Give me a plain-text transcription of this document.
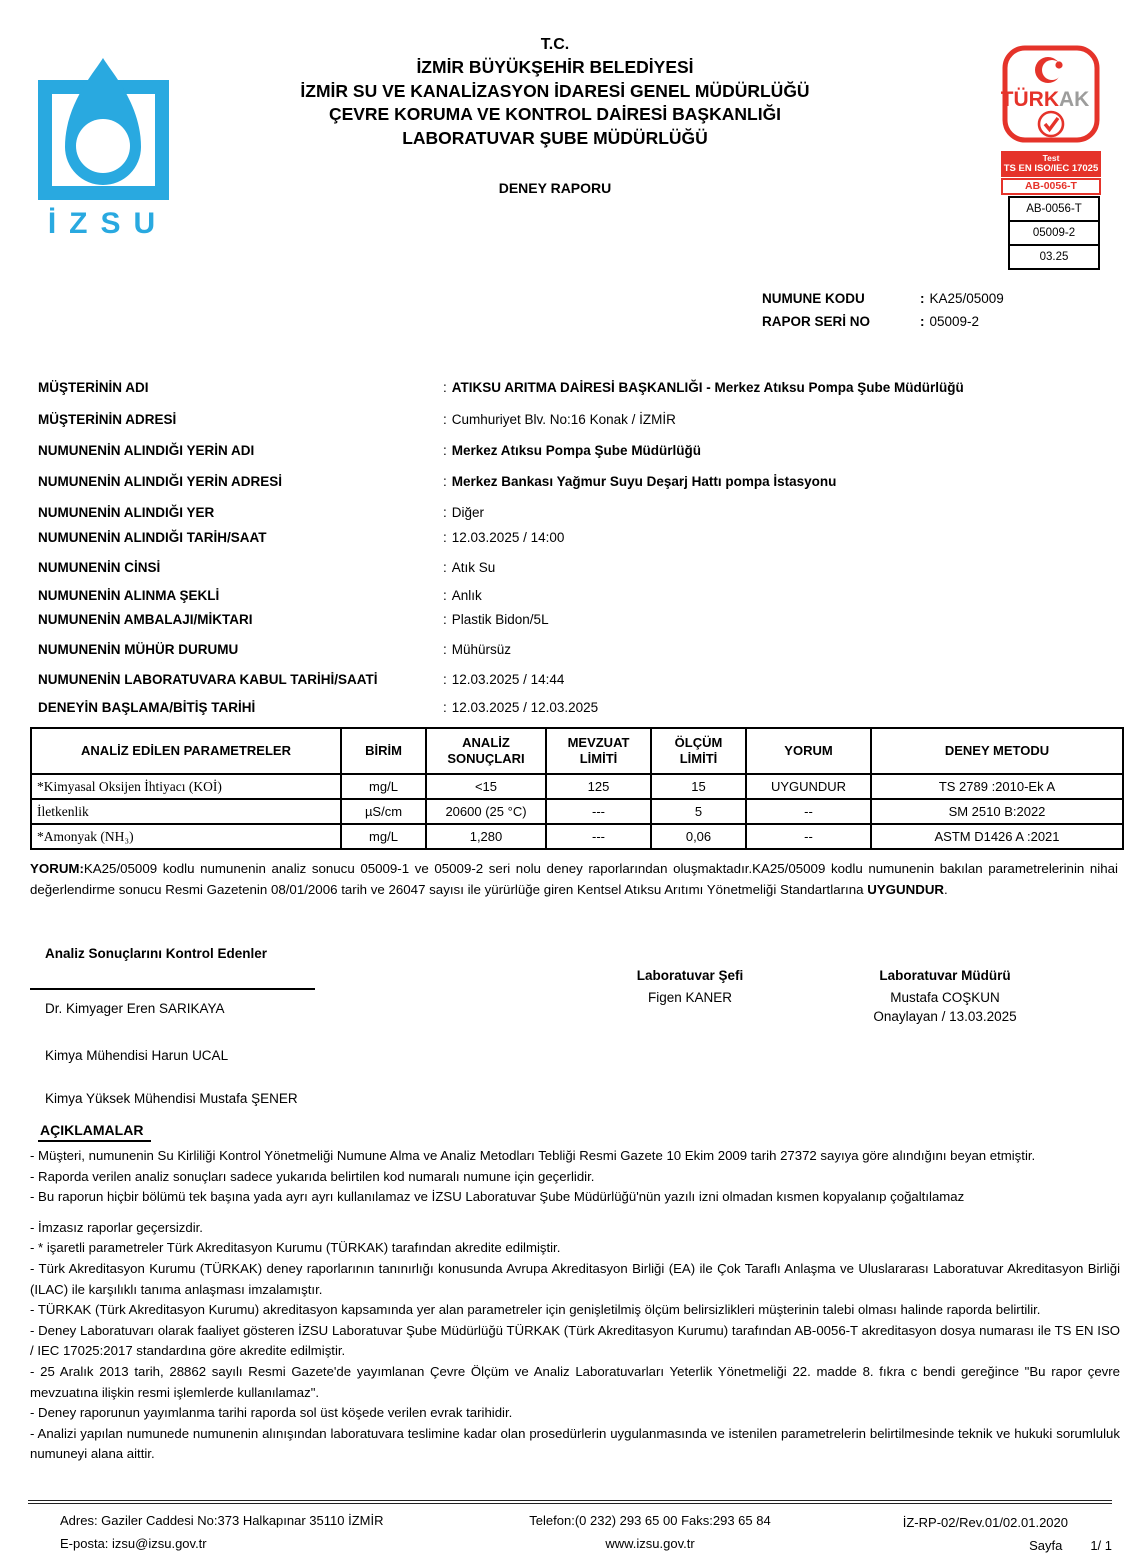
İZSU
T.C.
İZMİR BÜYÜKŞEHİR BELEDİYESİ
İZMİR SU VE KANALİZASYON İDARESİ GENEL MÜDÜRLÜĞÜ
ÇEVRE KORUMA VE KONTROL DAİRESİ BAŞKANLIĞI
LABORATUVAR ŞUBE MÜDÜRLÜĞÜ
DENEY RAPORU
TÜRK AK
Test
TS EN ISO/IEC 17025
AB-0056-T
AB-0056-T
05009-2
03.25
NUMUNE KODU	: KA25/05009
RAPOR SERİ NO	: 05009-2
MÜŞTERİNİN ADI	: ATIKSU ARITMA DAİRESİ BAŞKANLIĞI - Merkez Atıksu Pompa Şube Müdürlüğü
MÜŞTERİNİN ADRESİ	: Cumhuriyet Blv. No:16 Konak / İZMİR
NUMUNENİN ALINDIĞI YERİN ADI	: Merkez Atıksu Pompa Şube Müdürlüğü
NUMUNENİN ALINDIĞI YERİN ADRESİ	: Merkez Bankası Yağmur Suyu Deşarj Hattı pompa İstasyonu
NUMUNENİN ALINDIĞI YER	: Diğer
NUMUNENİN ALINDIĞI TARİH/SAAT	: 12.03.2025 / 14:00
NUMUNENİN CİNSİ	: Atık Su
NUMUNENİN ALINMA ŞEKLİ	: Anlık
NUMUNENİN AMBALAJI/MİKTARI	: Plastik Bidon/5L
NUMUNENİN MÜHÜR DURUMU	: Mühürsüz
NUMUNENİN LABORATUVARA KABUL TARİHİ/SAATİ	: 12.03.2025 / 14:44
DENEYİN BAŞLAMA/BİTİŞ TARİHİ	: 12.03.2025 / 12.03.2025
ANALİZ EDİLEN PARAMETRELER	BİRİM	ANALİZ SONUÇLARI	MEVZUAT LİMİTİ	ÖLÇÜM LİMİTİ	YORUM	DENEY METODU
*Kimyasal Oksijen İhtiyacı (KOİ)	mg/L	<15	125	15	UYGUNDUR	TS 2789 :2010-Ek A
İletkenlik	µS/cm	20600 (25 °C)	---	5	--	SM 2510 B:2022
*Amonyak (NH₃)	mg/L	1,280	---	0,06	--	ASTM D1426 A :2021
YORUM:KA25/05009 kodlu numunenin analiz sonucu 05009-1 ve 05009-2 seri nolu deney raporlarından oluşmaktadır.KA25/05009 kodlu numunenin bakılan parametrelerinin nihai değerlendirme sonucu Resmi Gazetenin 08/01/2006 tarih ve 26047 sayısı ile yürürlüğe giren Kentsel Atıksu Arıtımı Yönetmeliği Standartlarına UYGUNDUR.
Analiz Sonuçlarını Kontrol Edenler
Dr. Kimyager Eren SARIKAYA
Kimya Mühendisi Harun UCAL
Kimya Yüksek Mühendisi Mustafa ŞENER
Laboratuvar Şefi
Figen KANER
Laboratuvar Müdürü
Mustafa COŞKUN
Onaylayan / 13.03.2025
AÇIKLAMALAR

- Müşteri, numunenin Su Kirliliği Kontrol Yönetmeliği Numune Alma ve Analiz Metodları Tebliği Resmi Gazete 10 Ekim 2009 tarih 27372 sayıya göre alındığını beyan etmiştir.

- Raporda verilen analiz sonuçları sadece yukarıda belirtilen kod numaralı numune için geçerlidir.

- Bu raporun hiçbir bölümü tek başına yada ayrı ayrı kullanılamaz ve İZSU Laboratuvar Şube Müdürlüğü'nün yazılı izni olmadan kısmen kopyalanıp çoğaltılamaz

- İmzasız raporlar geçersizdir.

- * işaretli parametreler Türk Akreditasyon Kurumu (TÜRKAK) tarafından akredite edilmiştir.

- Türk Akreditasyon Kurumu (TÜRKAK) deney raporlarının tanınırlığı konusunda Avrupa Akreditasyon Birliği (EA) ile Çok Taraflı Anlaşma ve Uluslararası Laboratuvar Akreditasyon Birliği (ILAC) ile karşılıklı tanıma anlaşması imzalamıştır.

- TÜRKAK (Türk Akreditasyon Kurumu) akreditasyon kapsamında yer alan parametreler için genişletilmiş ölçüm belirsizlikleri müşterinin talebi olması halinde raporda belirtilir.

- Deney Laboratuvarı olarak faaliyet gösteren İZSU Laboratuvar Şube Müdürlüğü TÜRKAK (Türk Akreditasyon Kurumu) tarafından AB-0056-T akreditasyon dosya numarası ile TS EN ISO / IEC 17025:2017 standardına göre akredite edilmiştir.

- 25 Aralık 2013 tarih, 28862 sayılı Resmi Gazete'de yayımlanan Çevre Ölçüm ve Analiz Laboratuvarları Yeterlik Yönetmeliği 22. madde 8. fıkra c bendi gereğince "Bu rapor çevre mevzuatına ilişkin resmi işlemlerde kullanılamaz".

- Deney raporunun yayımlanma tarihi raporda sol üst köşede verilen evrak tarihidir.

- Analizi yapılan numunede numunenin alınışından laboratuvara teslimine kadar olan prosedürlerin uygulanmasında ve istenilen parametrelerin belirtilmesinde teknik ve hukuki sorumluluk numuneyi alana aittir.

Adres: Gaziler Caddesi No:373 Halkapınar 35110 İZMİR
E-posta: izsu@izsu.gov.tr
Telefon:(0 232) 293 65 00 Faks:293 65 84
www.izsu.gov.tr
İZ-RP-02/Rev.01/02.01.2020
Sayfa 1/ 1
